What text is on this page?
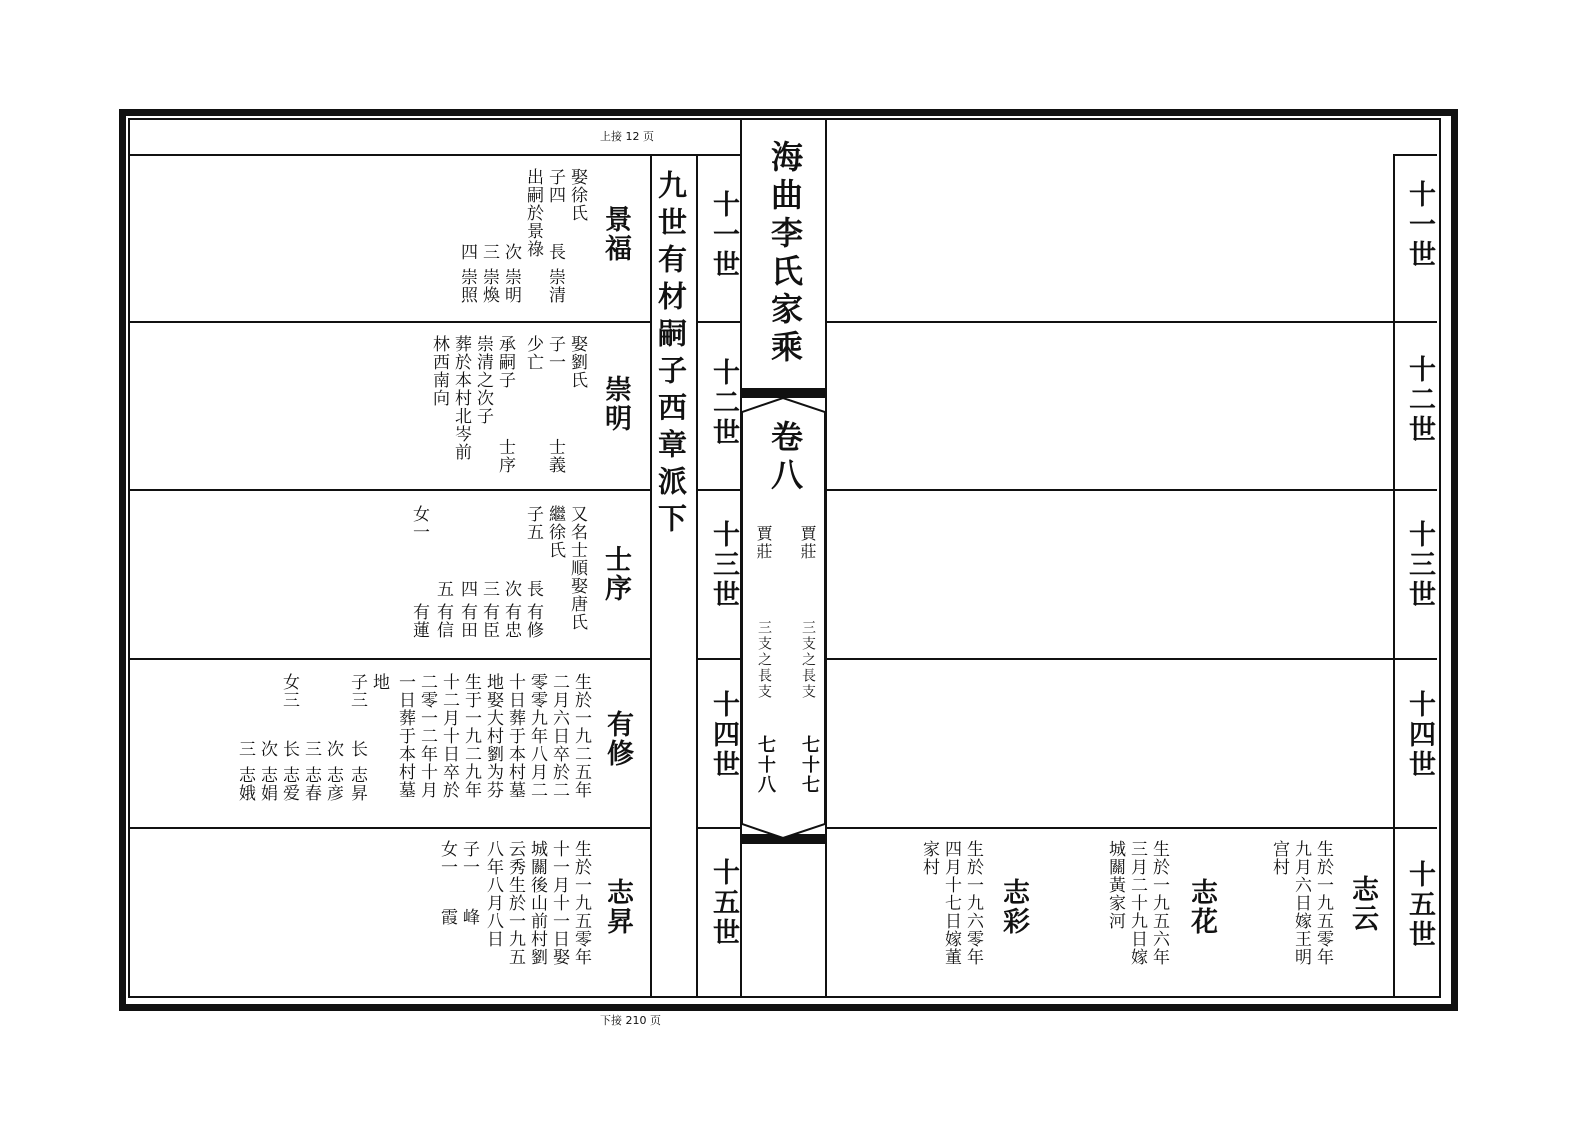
上接 12 页
下接 210 页
海曲李氏家乘
卷八
賈莊 賈莊
三支之長支 三支之長支
七十八 七十七
九世有材嗣子西章派下 十一世
十二世
十三世
十四世
十五世
十一世
十二世
十三世
十四世
十五世
景福
娶徐氏
子四
出嗣於景祿 長
崇清
次
崇明
三
崇煥
四
崇照
崇明
娶劉氏
子一
少亡
承嗣子
崇清之次子
葬於本村北岑前
林西南向
士義
士序
士序
又名士順娶唐氏
繼徐氏
子五
女一
長
有修
次
有忠
三
有臣
四
有田
五
有信
有蓮
有修
生於一九二五年
二月六日卒於二
零零九年八月二
十日葬于本村墓
地娶大村劉为芬
生于一九二九年
十二月十日卒於
二零一二年十月
一日葬于本村墓
地
子三
女三
长
志昇
次
志彦
三
志春
长
志爱
次
志娟
三
志娥
志昇
生於一九五零年
十一月十一日娶
城關後山前村劉
云秀生於一九五
八年八月八日
子一
女一
峰
霞	志云
生於一九五零年
九月六日嫁王明
宫村
志花
生於一九五六年
三月二十九日嫁
城關黃家河
志彩
生於一九六零年
四月十七日嫁董
家村
